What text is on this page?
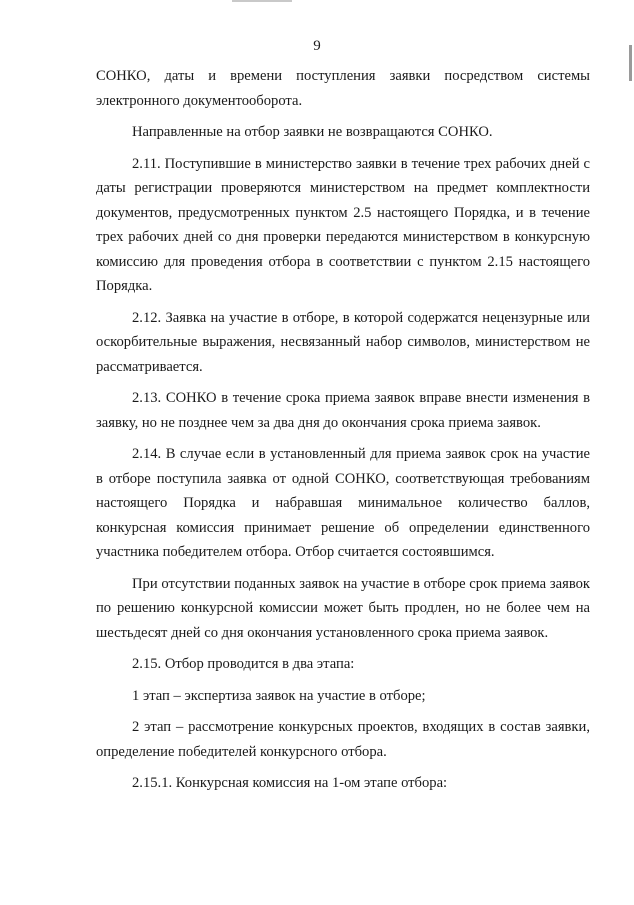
9

СОНКО, даты и времени поступления заявки посредством системы электронного документооборота.

Направленные на отбор заявки не возвращаются СОНКО.

2.11. Поступившие в министерство заявки в течение трех рабочих дней с даты регистрации проверяются министерством на предмет комплектности документов, предусмотренных пунктом 2.5 настоящего Порядка, и в течение трех рабочих дней со дня проверки передаются министерством в конкурсную комиссию для проведения отбора в соответствии с пунктом 2.15 настоящего Порядка.

2.12. Заявка на участие в отборе, в которой содержатся нецензурные или оскорбительные выражения, несвязанный набор символов, министерством не рассматривается.

2.13. СОНКО в течение срока приема заявок вправе внести изменения в заявку, но не позднее чем за два дня до окончания срока приема заявок.

2.14. В случае если в установленный для приема заявок срок на участие в отборе поступила заявка от одной СОНКО, соответствующая требованиям настоящего Порядка и набравшая минимальное количество баллов, конкурсная комиссия принимает решение об определении единственного участника победителем отбора. Отбор считается состоявшимся.

При отсутствии поданных заявок на участие в отборе срок приема заявок по решению конкурсной комиссии может быть продлен, но не более чем на шестьдесят дней со дня окончания установленного срока приема заявок.

2.15. Отбор проводится в два этапа:

1 этап – экспертиза заявок на участие в отборе;

2 этап – рассмотрение конкурсных проектов, входящих в состав заявки, определение победителей конкурсного отбора.

2.15.1. Конкурсная комиссия на 1-ом этапе отбора:
